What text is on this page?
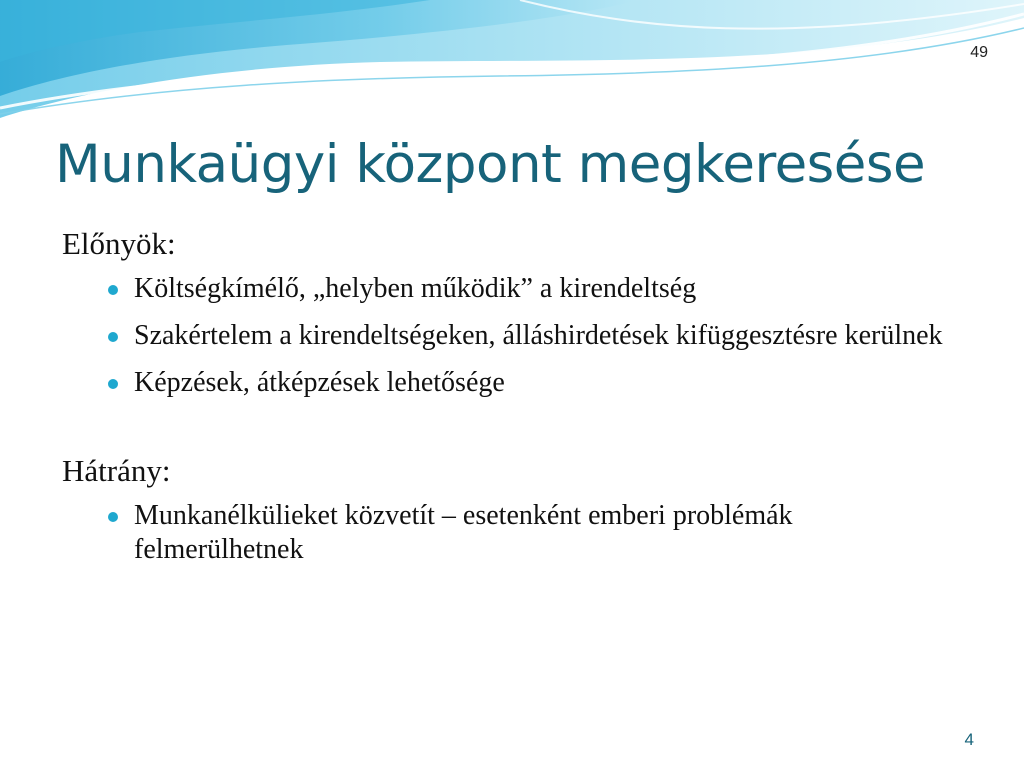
49
Munkaügyi központ megkeresése
Előnyök:
Költségkímélő, „helyben működik” a kirendeltség
Szakértelem a kirendeltségeken, álláshirdetések kifüggesztésre kerülnek
Képzések, átképzések lehetősége
Hátrány:
Munkanélkülieket közvetít – esetenként emberi problémák felmerülhetnek
4
